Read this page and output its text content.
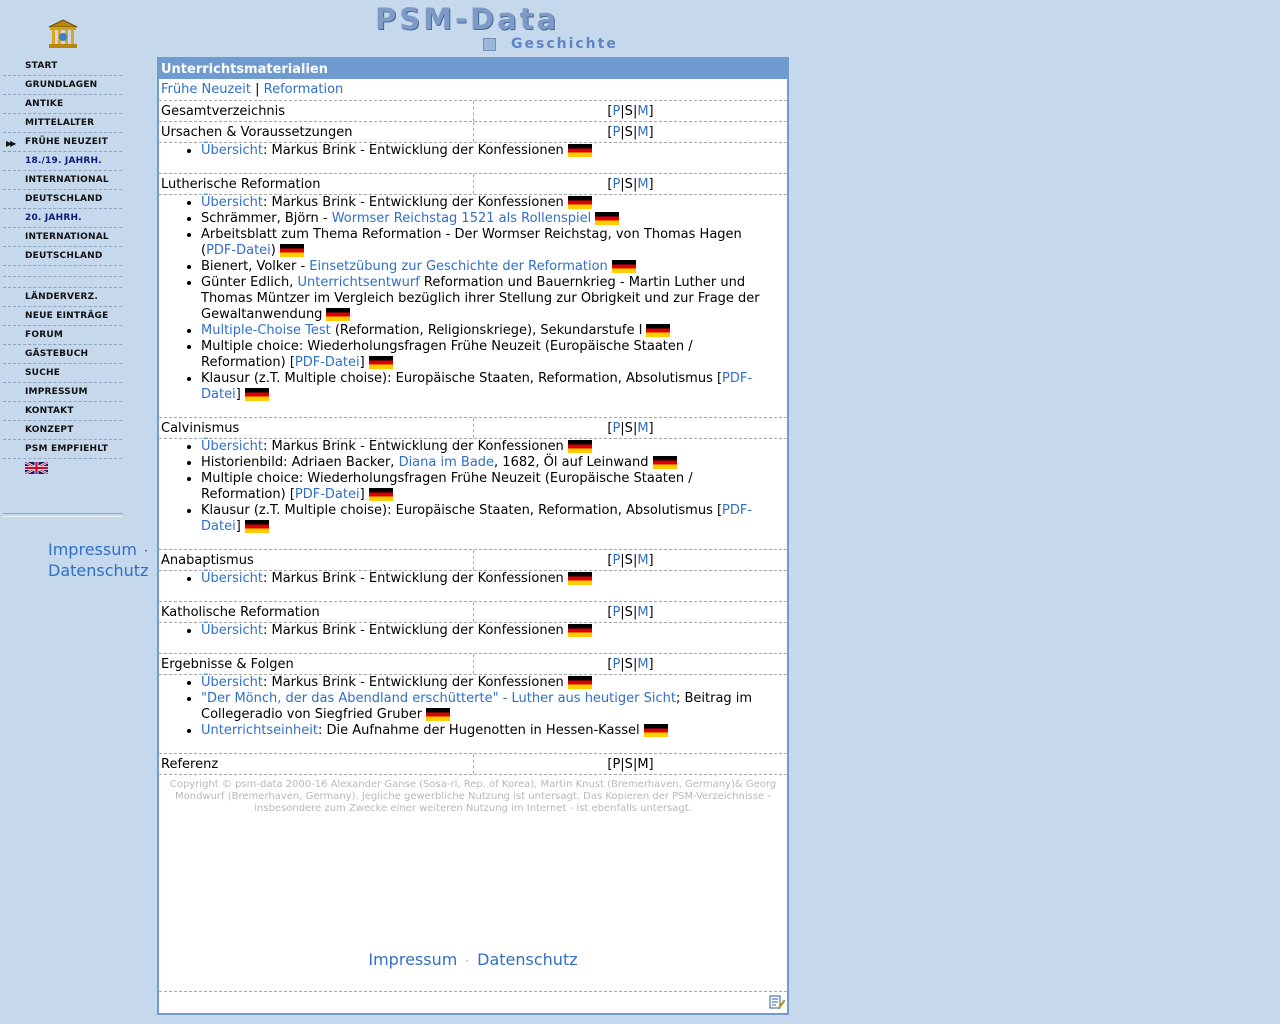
PSM-Data
Geschichte
START
GRUNDLAGEN
ANTIKE
MITTELALTER
▶▶ FRÜHE NEUZEIT
18./19. JAHRH.
INTERNATIONAL
DEUTSCHLAND
20. JAHRH.
INTERNATIONAL
DEUTSCHLAND
LÄNDERVERZ.
NEUE EINTRÄGE
FORUM
GÄSTEBUCH
SUCHE
IMPRESSUM
KONTAKT
KONZEPT
PSM EMPFIEHLT
Impressum ·
Datenschutz
Unterrichtsmaterialien
Frühe Neuzeit | Reformation
Gesamtverzeichnis	[P|S|M]
Ursachen & Voraussetzungen	[P|S|M]
• Übersicht: Markus Brink - Entwicklung der Konfessionen
Lutherische Reformation	[P|S|M]
• Übersicht: Markus Brink - Entwicklung der Konfessionen
• Schrämmer, Björn - Wormser Reichstag 1521 als Rollenspiel
• Arbeitsblatt zum Thema Reformation - Der Wormser Reichstag, von Thomas Hagen (PDF-Datei)
• Bienert, Volker - Einsetzübung zur Geschichte der Reformation
• Günter Edlich, Unterrichtsentwurf Reformation und Bauernkrieg - Martin Luther und Thomas Müntzer im Vergleich bezüglich ihrer Stellung zur Obrigkeit und zur Frage der Gewaltanwendung
• Multiple-Choise Test (Reformation, Religionskriege), Sekundarstufe I
• Multiple choice: Wiederholungsfragen Frühe Neuzeit (Europäische Staaten / Reformation) [PDF-Datei]
• Klausur (z.T. Multiple choise): Europäische Staaten, Reformation, Absolutismus [PDF-
Datei]
Calvinismus	[P|S|M]
• Übersicht: Markus Brink - Entwicklung der Konfessionen
• Historienbild: Adriaen Backer, Diana im Bade, 1682, Öl auf Leinwand
• Multiple choice: Wiederholungsfragen Frühe Neuzeit (Europäische Staaten / Reformation) [PDF-Datei]
• Klausur (z.T. Multiple choise): Europäische Staaten, Reformation, Absolutismus [PDF-
Datei]
Anabaptismus	[P|S|M]
• Übersicht: Markus Brink - Entwicklung der Konfessionen
Katholische Reformation	[P|S|M]
• Übersicht: Markus Brink - Entwicklung der Konfessionen
Ergebnisse & Folgen	[P|S|M]
• Übersicht: Markus Brink - Entwicklung der Konfessionen
• "Der Mönch, der das Abendland erschütterte" - Luther aus heutiger Sicht; Beitrag im Collegeradio von Siegfried Gruber
• Unterrichtseinheit: Die Aufnahme der Hugenotten in Hessen-Kassel
Referenz	[P|S|M]
Copyright © psm-data 2000-16 Alexander Ganse (Sosa-ri, Rep. of Korea), Martin Knust (Bremerhaven, Germany)& Georg Mondwurf (Bremerhaven, Germany). Jegliche gewerbliche Nutzung ist untersagt. Das Kopieren der PSM-Verzeichnisse - insbesondere zum Zwecke einer weiteren Nutzung im Internet - ist ebenfalls untersagt.
Impressum · Datenschutz
